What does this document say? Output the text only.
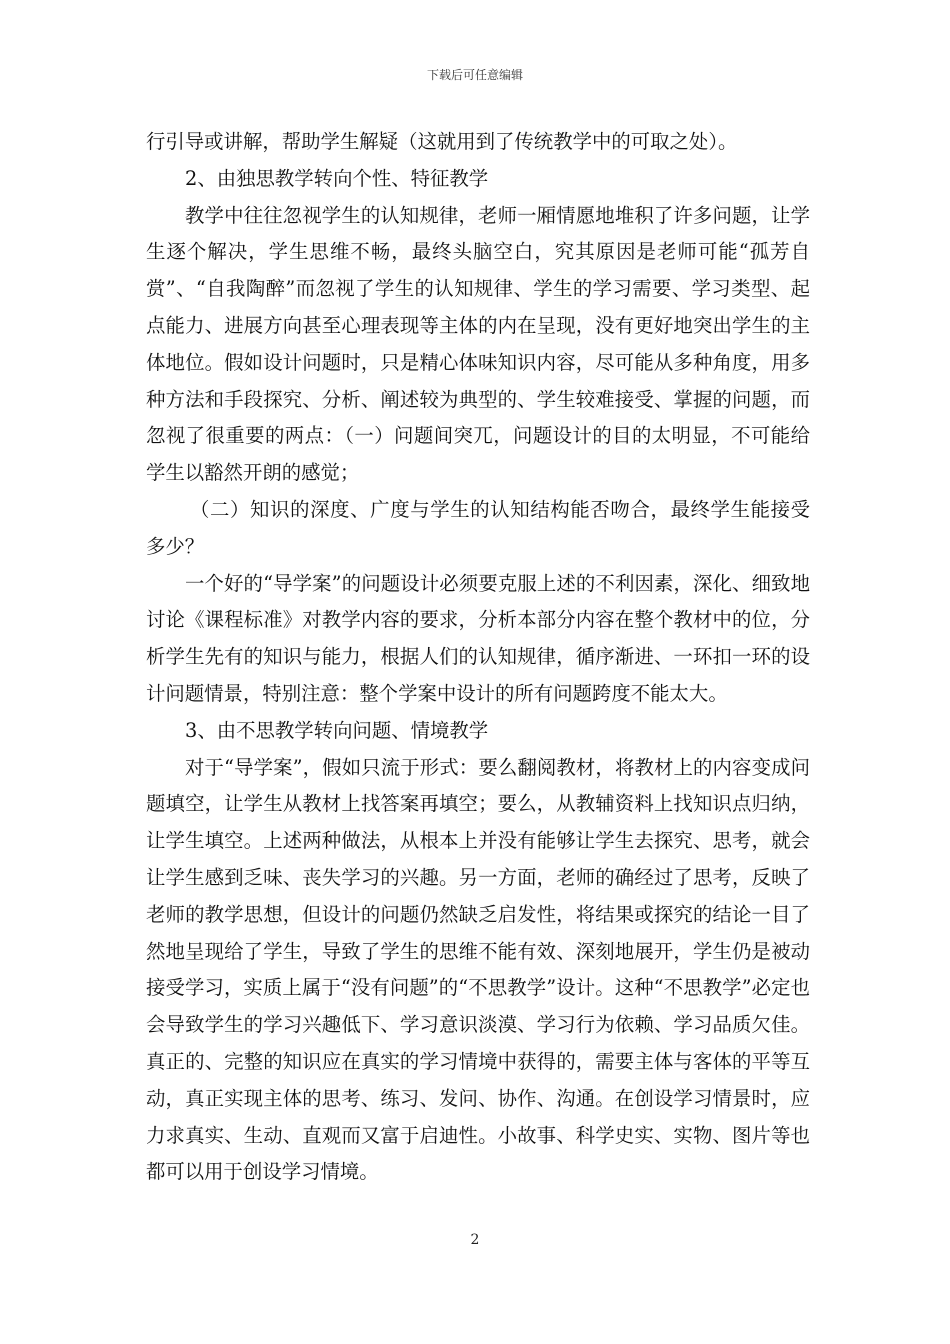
下载后可任意编辑

行引导或讲解，帮助学生解疑（这就用到了传统教学中的可取之处）。

2、由独思教学转向个性、特征教学

教学中往往忽视学生的认知规律，老师一厢情愿地堆积了许多问题，让学生逐个解决，学生思维不畅，最终头脑空白，究其原因是老师可能“孤芳自赏”、“自我陶醉”而忽视了学生的认知规律、学生的学习需要、学习类型、起点能力、进展方向甚至心理表现等主体的内在呈现，没有更好地突出学生的主体地位。假如设计问题时，只是精心体味知识内容，尽可能从多种角度，用多种方法和手段探究、分析、阐述较为典型的、学生较难接受、掌握的问题，而忽视了很重要的两点：（一）问题间突兀，问题设计的目的太明显，不可能给学生以豁然开朗的感觉；

（二）知识的深度、广度与学生的认知结构能否吻合，最终学生能接受多少？

一个好的“导学案”的问题设计必须要克服上述的不利因素，深化、细致地讨论《课程标准》对教学内容的要求，分析本部分内容在整个教材中的位，分析学生先有的知识与能力，根据人们的认知规律，循序渐进、一环扣一环的设计问题情景，特别注意：整个学案中设计的所有问题跨度不能太大。

3、由不思教学转向问题、情境教学

对于“导学案”，假如只流于形式：要么翻阅教材，将教材上的内容变成问题填空，让学生从教材上找答案再填空；要么，从教辅资料上找知识点归纳，让学生填空。上述两种做法，从根本上并没有能够让学生去探究、思考，就会让学生感到乏味、丧失学习的兴趣。另一方面，老师的确经过了思考，反映了老师的教学思想，但设计的问题仍然缺乏启发性，将结果或探究的结论一目了然地呈现给了学生，导致了学生的思维不能有效、深刻地展开，学生仍是被动接受学习，实质上属于“没有问题”的“不思教学”设计。这种“不思教学”必定也会导致学生的学习兴趣低下、学习意识淡漠、学习行为依赖、学习品质欠佳。真正的、完整的知识应在真实的学习情境中获得的，需要主体与客体的平等互动，真正实现主体的思考、练习、发问、协作、沟通。在创设学习情景时，应力求真实、生动、直观而又富于启迪性。小故事、科学史实、实物、图片等也都可以用于创设学习情境。

2
